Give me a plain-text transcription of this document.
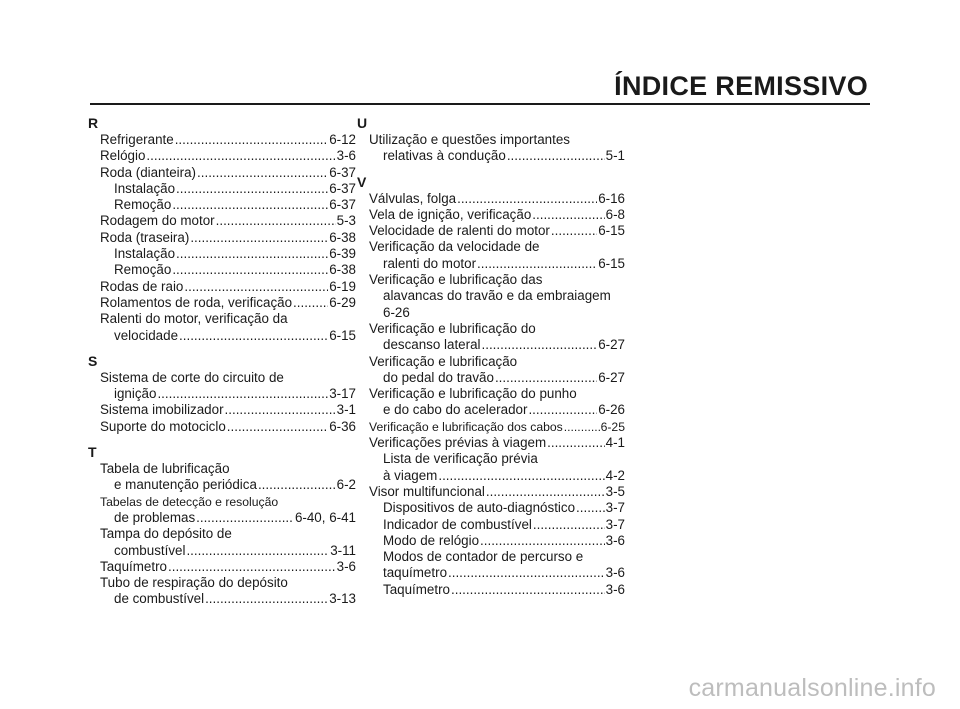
ÍNDICE REMISSIVO
R
Refrigerante .....	6-12
Relógio .....	3-6
Roda (dianteira) .....	6-37
Instalação .....	6-37
Remoção .....	6-37
Rodagem do motor .....	5-3
Roda (traseira) .....	6-38
Instalação .....	6-39
Remoção .....	6-38
Rodas de raio .....	6-19
Rolamentos de roda, verificação .....	6-29
Ralenti do motor, verificação da
velocidade .....	6-15
S
Sistema de corte do circuito de
ignição .....	3-17
Sistema imobilizador .....	3-1
Suporte do motociclo .....	6-36
T
Tabela de lubrificação
e manutenção periódica .....	6-2
Tabelas de detecção e resolução
de problemas .....	6-40, 6-41
Tampa do depósito de
combustível .....	3-11
Taquímetro .....	3-6
Tubo de respiração do depósito
de combustível .....	3-13
U
Utilização e questões importantes
relativas à condução .....	5-1
V
Válvulas, folga .....	6-16
Vela de ignição, verificação .....	6-8
Velocidade de ralenti do motor .....	6-15
Verificação da velocidade de
ralenti do motor .....	6-15
Verificação e lubrificação das
alavancas do travão e da embraiagem
6-26
Verificação e lubrificação do
descanso lateral .....	6-27
Verificação e lubrificação
do pedal do travão .....	6-27
Verificação e lubrificação do punho
e do cabo do acelerador .....	6-26
Verificação e lubrificação dos cabos .....	6-25
Verificações prévias à viagem .....	4-1
Lista de verificação prévia
à viagem .....	4-2
Visor multifuncional .....	3-5
Dispositivos de auto-diagnóstico ..... 3-7
Indicador de combustível .....	3-7
Modo de relógio .....	3-6
Modos de contador de percurso e
taquímetro .....	3-6
Taquímetro .....	3-6
carmanualsonline.info
